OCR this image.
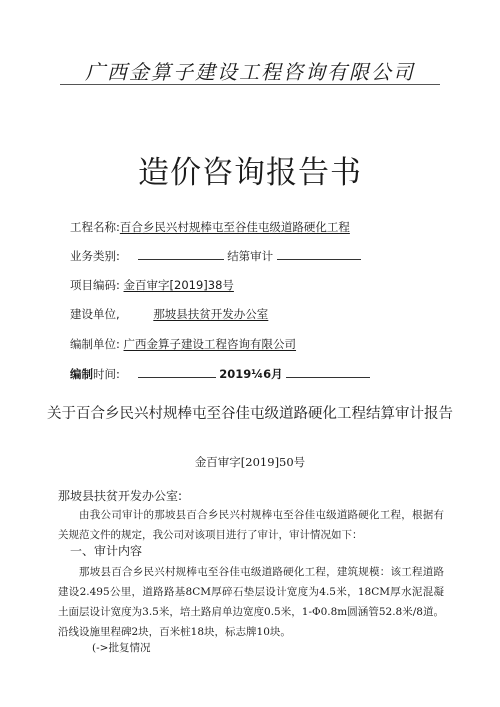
广西金算子建设工程咨询有限公司
造价咨询报告书
工程名称:百合乡民兴村规棒屯至谷佳屯级道路硬化工程
业务类别:	结第审计
项目编码: 金百审字[2019]38号
建设单位,	那坡县扶贫开发办公室
编制单位: 广西金算子建设工程咨询有限公司
编制时间:	2019¼6月
关于百合乡民兴村规棒屯至谷佳屯级道路硬化工程结算审计报告
金百审字[2019]50号
那坡县扶贫开发办公室:
由我公司审计的那坡县百合乡民兴村规棒屯至谷佳屯级道路硬化工程，根据有关规范文件的规定，我公司对该项目进行了审计，审计情况如下：
一、审计内容
那坡县百合乡民兴村规棒屯至谷佳屯级道路硬化工程，建筑规模：该工程道路建设2.495公里，道路路基8CM厚碎石垫层设计宽度为4.5米，18CM厚水泥混凝土面层设计宽度为3.5米，培土路肩单边宽度0.5米，1-Φ0.8m圆涵管52.8米/8道。沿线设施里程碑2块，百米桩18块，标志牌10块。
(->批复情况
